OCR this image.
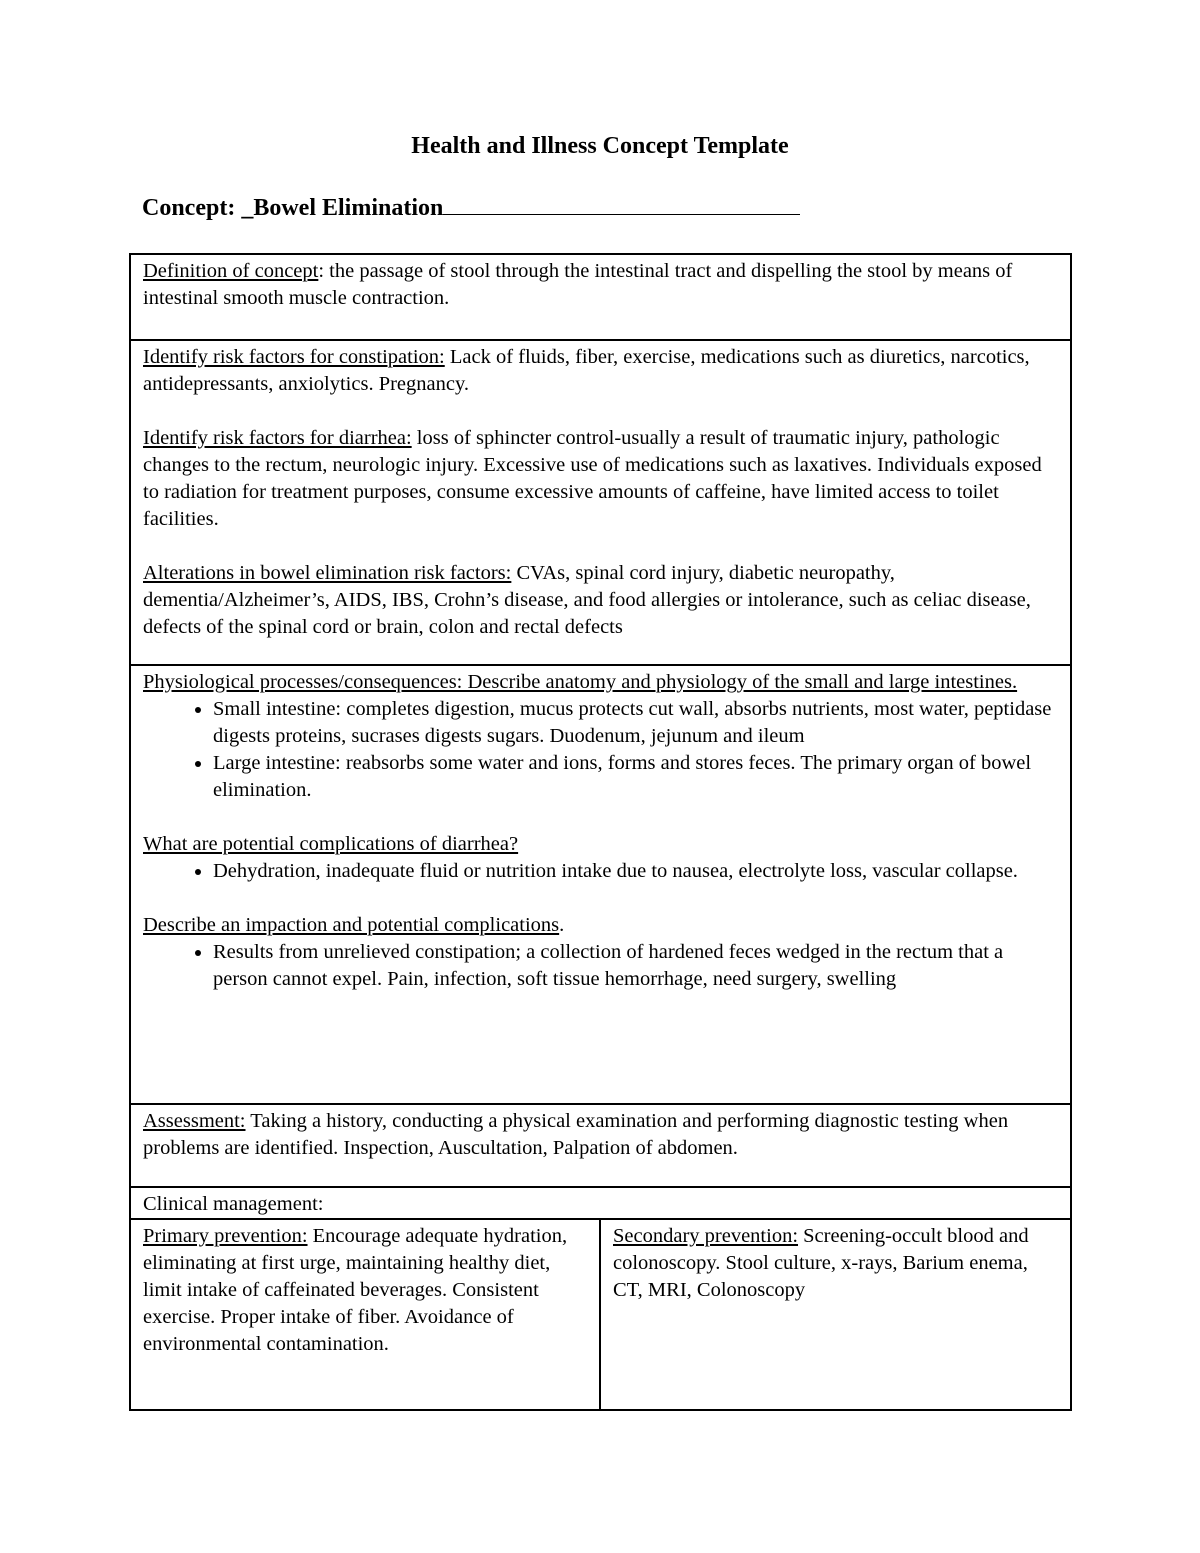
Health and Illness Concept Template
Concept: _Bowel Elimination
Definition of concept: the passage of stool through the intestinal tract and dispelling the stool by means of intestinal smooth muscle contraction.

Identify risk factors for constipation: Lack of fluids, fiber, exercise, medications such as diuretics, narcotics, antidepressants, anxiolytics. Pregnancy.
Identify risk factors for diarrhea: loss of sphincter control-usually a result of traumatic injury, pathologic changes to the rectum, neurologic injury. Excessive use of medications such as laxatives. Individuals exposed to radiation for treatment purposes, consume excessive amounts of caffeine, have limited access to toilet facilities.
Alterations in bowel elimination risk factors: CVAs, spinal cord injury, diabetic neuropathy, dementia/Alzheimer’s, AIDS, IBS, Crohn’s disease, and food allergies or intolerance, such as celiac disease, defects of the spinal cord or brain, colon and rectal defects

Physiological processes/consequences: Describe anatomy and physiology of the small and large intestines.
• Small intestine: completes digestion, mucus protects cut wall, absorbs nutrients, most water, peptidase digests proteins, sucrases digests sugars. Duodenum, jejunum and ileum
• Large intestine: reabsorbs some water and ions, forms and stores feces. The primary organ of bowel elimination.
What are potential complications of diarrhea?
• Dehydration, inadequate fluid or nutrition intake due to nausea, electrolyte loss, vascular collapse.
Describe an impaction and potential complications.
• Results from unrelieved constipation; a collection of hardened feces wedged in the rectum that a person cannot expel. Pain, infection, soft tissue hemorrhage, need surgery, swelling

Assessment: Taking a history, conducting a physical examination and performing diagnostic testing when problems are identified. Inspection, Auscultation, Palpation of abdomen.
Clinical management:
Primary prevention: Encourage adequate hydration, eliminating at first urge, maintaining healthy diet, limit intake of caffeinated beverages. Consistent exercise. Proper intake of fiber. Avoidance of environmental contamination.	Secondary prevention: Screening-occult blood and colonoscopy. Stool culture, x-rays, Barium enema, CT, MRI, Colonoscopy
